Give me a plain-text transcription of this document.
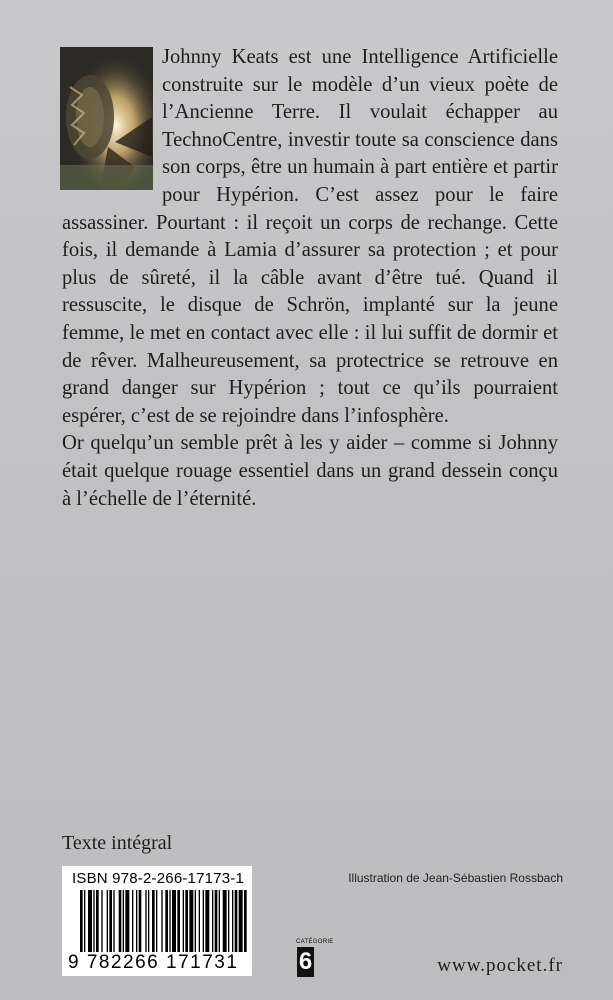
Johnny Keats est une Intelligence Artificielle construite sur le modèle d’un vieux poète de l’Ancienne Terre. Il voulait échapper au TechnoCentre, investir toute sa conscience dans son corps, être un humain à part entière et partir pour Hypérion. C’est assez pour le faire assassiner. Pourtant : il reçoit un corps de rechange. Cette fois, il demande à Lamia d’assurer sa protection ; et pour plus de sûreté, il la câble avant d’être tué. Quand il ressuscite, le disque de Schrön, implanté sur la jeune femme, le met en contact avec elle : il lui suffit de dormir et de rêver. Malheureusement, sa protectrice se retrouve en grand danger sur Hypérion ; tout ce qu’ils pourraient espérer, c’est de se rejoindre dans l’infosphère.

Or quelqu’un semble prêt à les y aider – comme si Johnny était quelque rouage essentiel dans un grand dessein conçu à l’échelle de l’éternité.

Texte intégral
ISBN 978-2-266-17173-1
9 782266 171731
Illustration de Jean-Sébastien Rossbach
CATÉGORIE
6	www.pocket.fr
